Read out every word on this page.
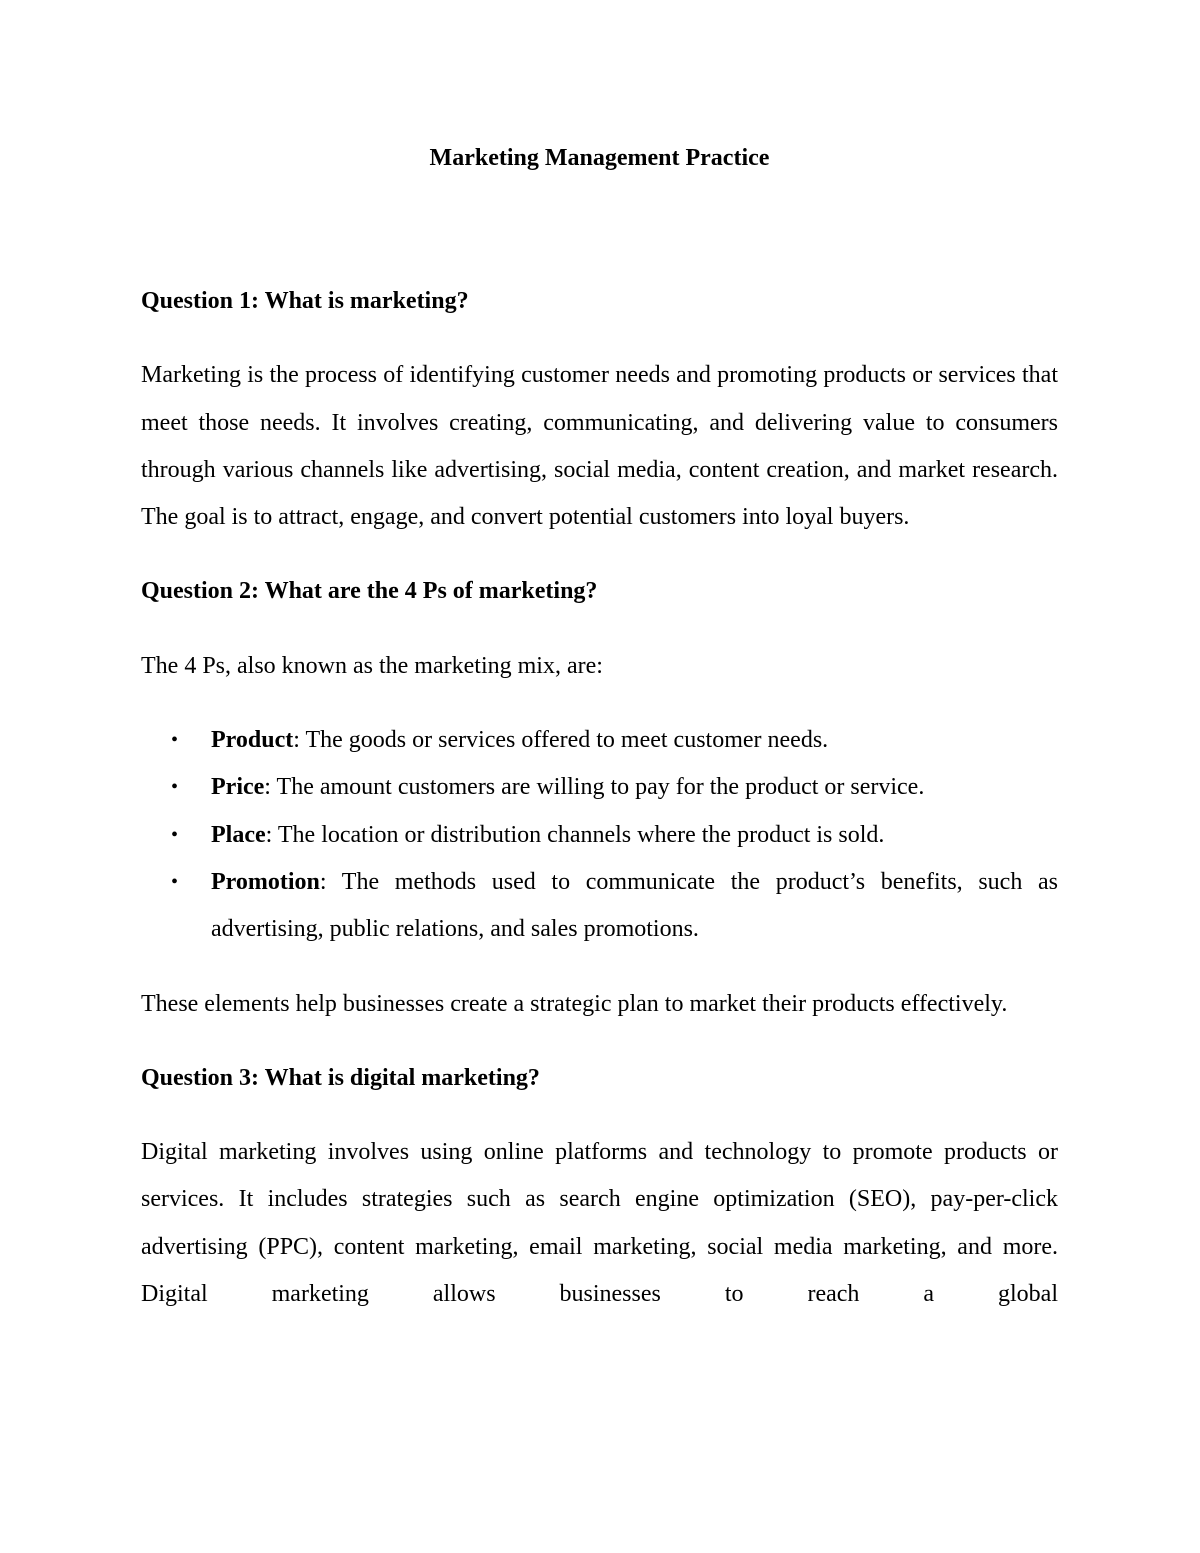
Marketing Management Practice

Question 1: What is marketing?

Marketing is the process of identifying customer needs and promoting products or services that meet those needs. It involves creating, communicating, and delivering value to consumers through various channels like advertising, social media, content creation, and market research. The goal is to attract, engage, and convert potential customers into loyal buyers.

Question 2: What are the 4 Ps of marketing?

The 4 Ps, also known as the marketing mix, are:

• Product: The goods or services offered to meet customer needs.
• Price: The amount customers are willing to pay for the product or service.
• Place: The location or distribution channels where the product is sold.
• Promotion: The methods used to communicate the product’s benefits, such as advertising, public relations, and sales promotions.

These elements help businesses create a strategic plan to market their products effectively.

Question 3: What is digital marketing?

Digital marketing involves using online platforms and technology to promote products or services. It includes strategies such as search engine optimization (SEO), pay-per-click advertising (PPC), content marketing, email marketing, social media marketing, and more. Digital marketing allows businesses to reach a global
